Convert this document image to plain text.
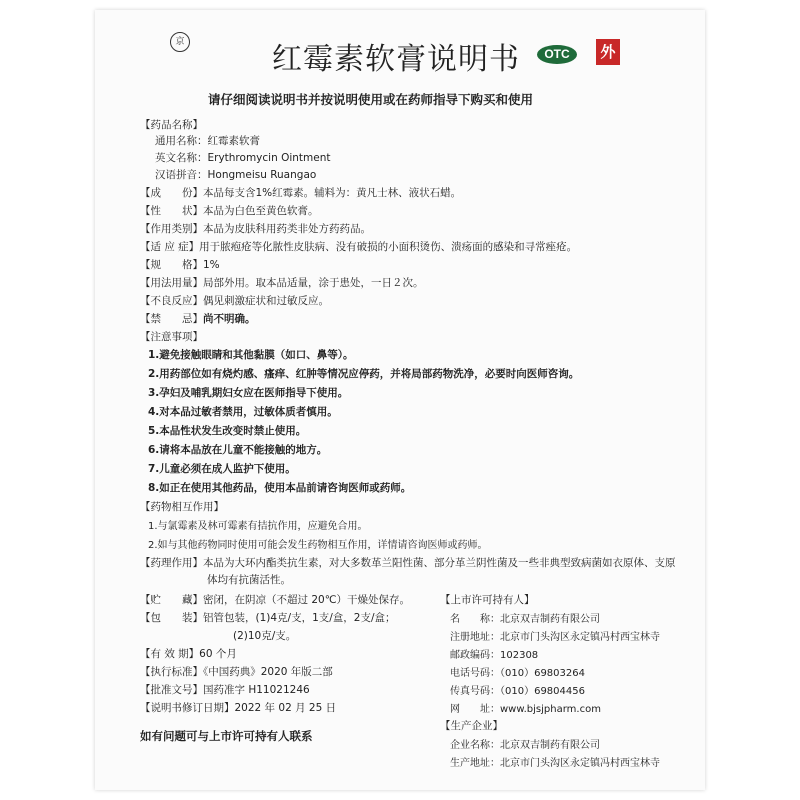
京	红霉素软膏说明书	OTC	外
请仔细阅读说明书并按说明使用或在药师指导下购买和使用
【药品名称】
通用名称：红霉素软膏
英文名称：Erythromycin Ointment
汉语拼音：Hongmeisu Ruangao
【成　　份】本品每支含1%红霉素。辅料为：黄凡士林、液状石蜡。
【性　　状】本品为白色至黄色软膏。
【作用类别】本品为皮肤科用药类非处方药药品。
【适 应 症】用于脓疱疮等化脓性皮肤病、没有破损的小面积烫伤、溃疡面的感染和寻常痤疮。
【规　　格】1%
【用法用量】局部外用。取本品适量，涂于患处，一日２次。
【不良反应】偶见刺激症状和过敏反应。
【禁　　忌】尚不明确。
【注意事项】
1.避免接触眼睛和其他黏膜（如口、鼻等）。
2.用药部位如有烧灼感、瘙痒、红肿等情况应停药，并将局部药物洗净，必要时向医师咨询。
3.孕妇及哺乳期妇女应在医师指导下使用。
4.对本品过敏者禁用，过敏体质者慎用。
5.本品性状发生改变时禁止使用。
6.请将本品放在儿童不能接触的地方。
7.儿童必须在成人监护下使用。
8.如正在使用其他药品，使用本品前请咨询医师或药师。
【药物相互作用】
1.与氯霉素及林可霉素有拮抗作用，应避免合用。
2.如与其他药物同时使用可能会发生药物相互作用，详情请咨询医师或药师。
【药理作用】本品为大环内酯类抗生素，对大多数革兰阳性菌、部分革兰阴性菌及一些非典型致病菌如衣原体、支原
体均有抗菌活性。
【贮　　藏】密闭，在阴凉（不超过 20℃）干燥处保存。
【包　　装】铝管包装，(1)4克/支，1支/盒，2支/盒；
(2)10克/支。
【有 效 期】60 个月
【执行标准】《中国药典》2020 年版二部
【批准文号】国药准字 H11021246
【说明书修订日期】2022 年 02 月 25 日
【上市许可持有人】
名　　称：北京双吉制药有限公司
注册地址：北京市门头沟区永定镇冯村西宝林寺
邮政编码：102308
电话号码：（010）69803264
传真号码：（010）69804456
网　　址：www.bjsjpharm.com
【生产企业】
企业名称：北京双吉制药有限公司
生产地址：北京市门头沟区永定镇冯村西宝林寺
如有问题可与上市许可持有人联系
